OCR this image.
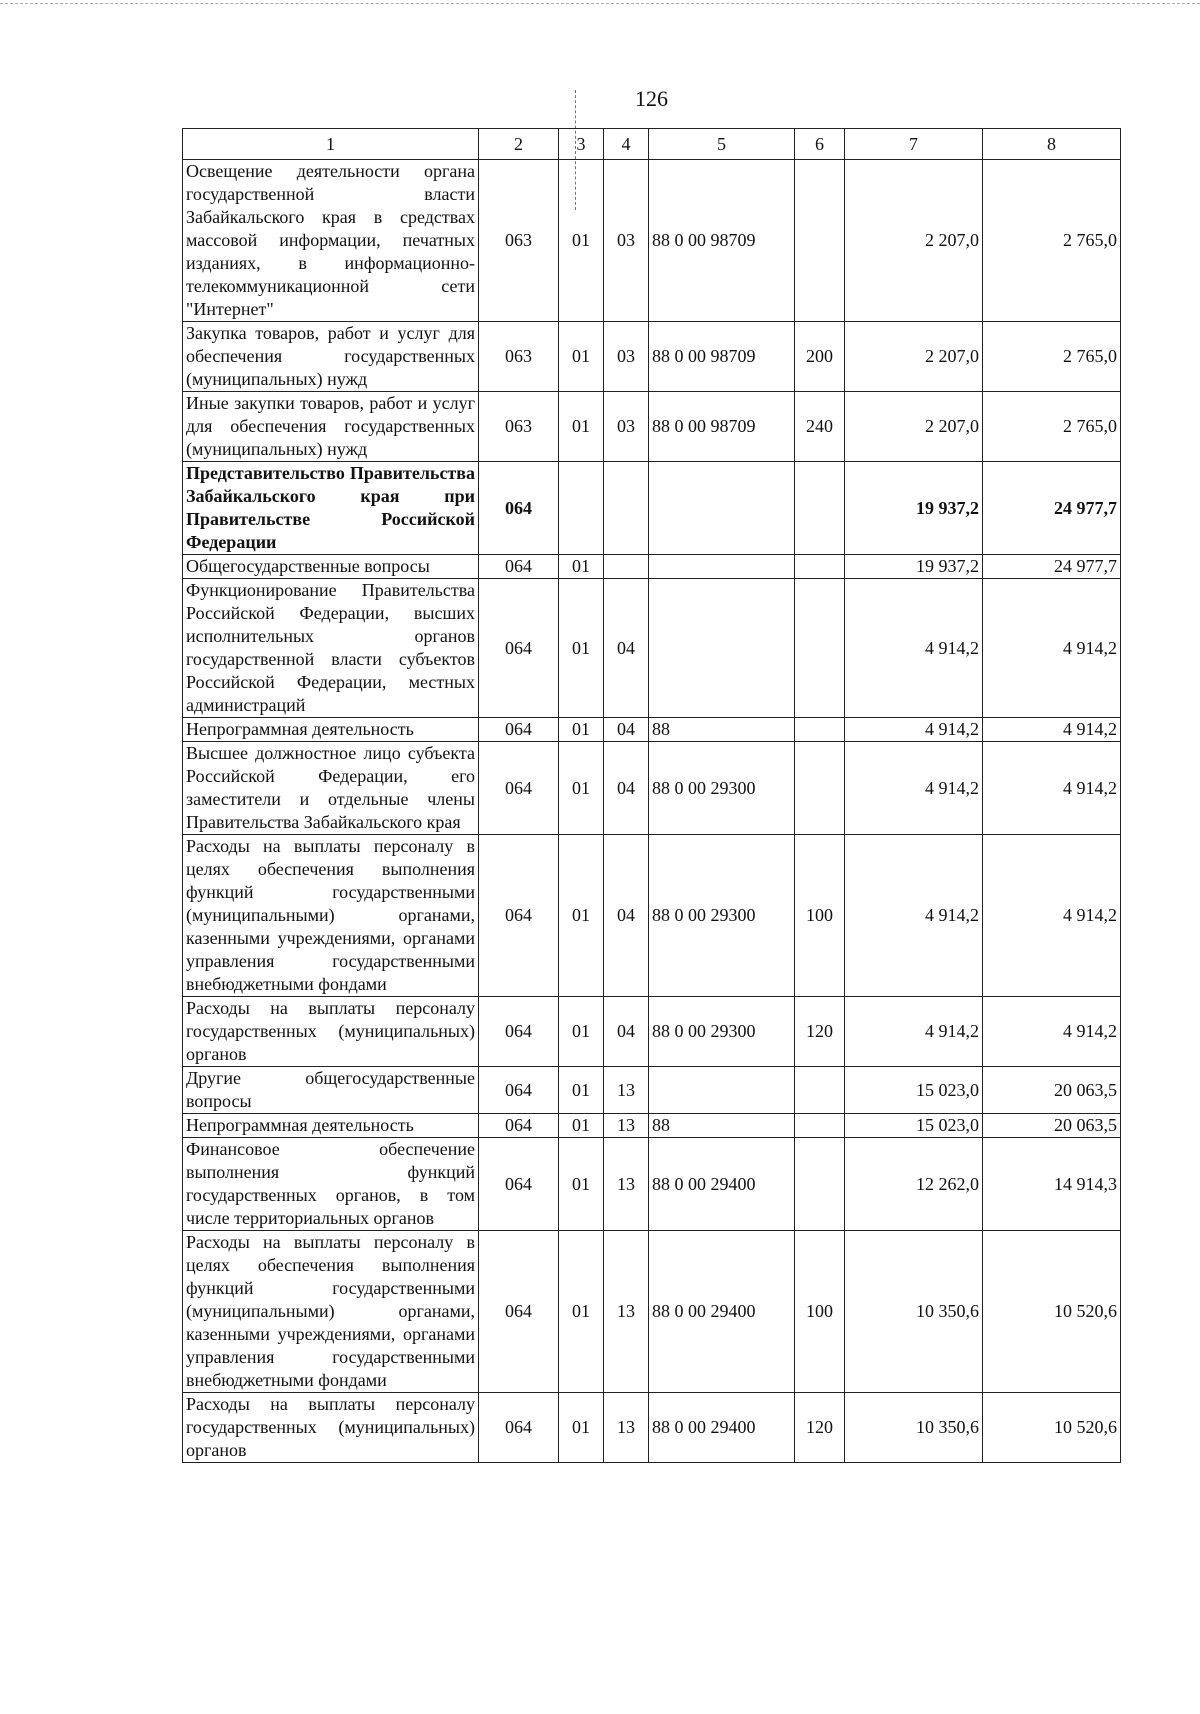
126
1	2	3	4	5	6	7	8
Освещение деятельности органа государственной власти Забайкальского края в средствах массовой информации, печатных изданиях, в информационно-телекоммуникационной сети "Интернет"	063	01	03	88 0 00 98709		2 207,0	2 765,0
Закупка товаров, работ и услуг для обеспечения государственных (муниципальных) нужд	063	01	03	88 0 00 98709	200	2 207,0	2 765,0
Иные закупки товаров, работ и услуг для обеспечения государственных (муниципальных) нужд	063	01	03	88 0 00 98709	240	2 207,0	2 765,0
Представительство Правительства Забайкальского края при Правительстве Российской Федерации	064					19 937,2	24 977,7
Общегосударственные вопросы	064	01				19 937,2	24 977,7
Функционирование Правительства Российской Федерации, высших исполнительных органов государственной власти субъектов Российской Федерации, местных администраций	064	01	04			4 914,2	4 914,2
Непрограммная деятельность	064	01	04	88		4 914,2	4 914,2
Высшее должностное лицо субъекта Российской Федерации, его заместители и отдельные члены Правительства Забайкальского края	064	01	04	88 0 00 29300		4 914,2	4 914,2
Расходы на выплаты персоналу в целях обеспечения выполнения функций государственными (муниципальными) органами, казенными учреждениями, органами управления государственными внебюджетными фондами	064	01	04	88 0 00 29300	100	4 914,2	4 914,2
Расходы на выплаты персоналу государственных (муниципальных) органов	064	01	04	88 0 00 29300	120	4 914,2	4 914,2
Другие общегосударственные вопросы	064	01	13			15 023,0	20 063,5
Непрограммная деятельность	064	01	13	88		15 023,0	20 063,5
Финансовое обеспечение выполнения функций государственных органов, в том числе территориальных органов	064	01	13	88 0 00 29400		12 262,0	14 914,3
Расходы на выплаты персоналу в целях обеспечения выполнения функций государственными (муниципальными) органами, казенными учреждениями, органами управления государственными внебюджетными фондами	064	01	13	88 0 00 29400	100	10 350,6	10 520,6
Расходы на выплаты персоналу государственных (муниципальных) органов	064	01	13	88 0 00 29400	120	10 350,6	10 520,6
